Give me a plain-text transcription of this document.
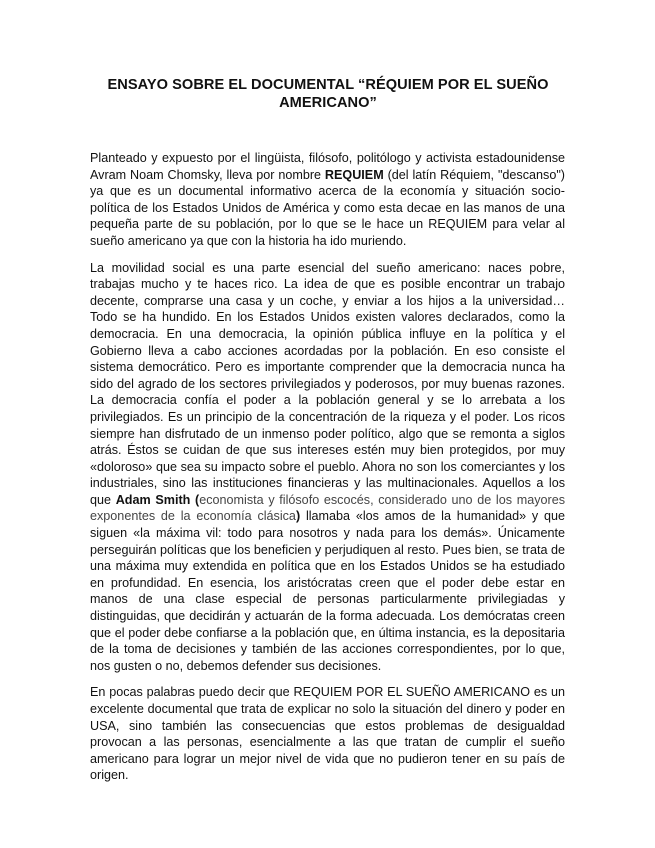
ENSAYO SOBRE EL DOCUMENTAL “RÉQUIEM POR EL SUEÑO AMERICANO”

Planteado y expuesto por el lingüista, filósofo, politólogo y activista estadounidense Avram Noam Chomsky, lleva por nombre REQUIEM (del latín Réquiem, "descanso") ya que es un documental informativo acerca de la economía y situación socio-política de los Estados Unidos de América y como esta decae en las manos de una pequeña parte de su población, por lo que se le hace un REQUIEM para velar al sueño americano ya que con la historia ha ido muriendo.

La movilidad social es una parte esencial del sueño americano: naces pobre, trabajas mucho y te haces rico. La idea de que es posible encontrar un trabajo decente, comprarse una casa y un coche, y enviar a los hijos a la universidad… Todo se ha hundido. En los Estados Unidos existen valores declarados, como la democracia. En una democracia, la opinión pública influye en la política y el Gobierno lleva a cabo acciones acordadas por la población. En eso consiste el sistema democrático. Pero es importante comprender que la democracia nunca ha sido del agrado de los sectores privilegiados y poderosos, por muy buenas razones. La democracia confía el poder a la población general y se lo arrebata a los privilegiados. Es un principio de la concentración de la riqueza y el poder. Los ricos siempre han disfrutado de un inmenso poder político, algo que se remonta a siglos atrás. Éstos se cuidan de que sus intereses estén muy bien protegidos, por muy «doloroso» que sea su impacto sobre el pueblo. Ahora no son los comerciantes y los industriales, sino las instituciones financieras y las multinacionales. Aquellos a los que Adam Smith (economista y filósofo escocés, considerado uno de los mayores exponentes de la economía clásica) llamaba «los amos de la humanidad» y que siguen «la máxima vil: todo para nosotros y nada para los demás». Únicamente perseguirán políticas que los beneficien y perjudiquen al resto. Pues bien, se trata de una máxima muy extendida en política que en los Estados Unidos se ha estudiado en profundidad. En esencia, los aristócratas creen que el poder debe estar en manos de una clase especial de personas particularmente privilegiadas y distinguidas, que decidirán y actuarán de la forma adecuada. Los demócratas creen que el poder debe confiarse a la población que, en última instancia, es la depositaria de la toma de decisiones y también de las acciones correspondientes, por lo que, nos gusten o no, debemos defender sus decisiones.

En pocas palabras puedo decir que REQUIEM POR EL SUEÑO AMERICANO es un excelente documental que trata de explicar no solo la situación del dinero y poder en USA, sino también las consecuencias que estos problemas de desigualdad provocan a las personas, esencialmente a las que tratan de cumplir el sueño americano para lograr un mejor nivel de vida que no pudieron tener en su país de origen.
